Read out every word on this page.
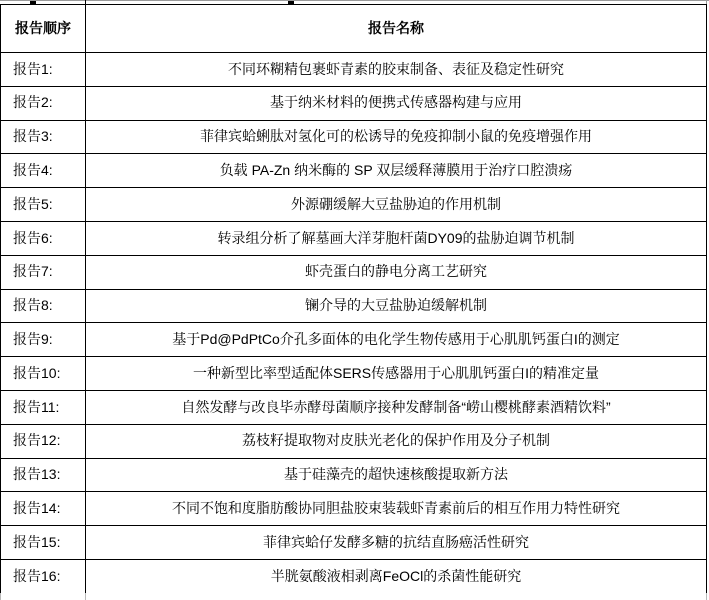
报告顺序	报告名称
报告1:	不同环糊精包裹虾青素的胶束制备、表征及稳定性研究
报告2:	基于纳米材料的便携式传感器构建与应用
报告3:	菲律宾蛤蜊肽对氢化可的松诱导的免疫抑制小鼠的免疫增强作用
报告4:	负载 PA-Zn 纳米酶的 SP 双层缓释薄膜用于治疗口腔溃疡
报告5:	外源硼缓解大豆盐胁迫的作用机制
报告6:	转录组分析了解墓画大洋芽胞杆菌DY09的盐胁迫调节机制
报告7:	虾壳蛋白的静电分离工艺研究
报告8:	镧介导的大豆盐胁迫缓解机制
报告9:	基于Pd@PdPtCo介孔多面体的电化学生物传感用于心肌肌钙蛋白I的测定
报告10:	一种新型比率型适配体SERS传感器用于心肌肌钙蛋白I的精准定量
报告11:	自然发酵与改良毕赤酵母菌顺序接种发酵制备“崂山樱桃酵素酒精饮料”
报告12:	荔枝籽提取物对皮肤光老化的保护作用及分子机制
报告13:	基于硅藻壳的超快速核酸提取新方法
报告14:	不同不饱和度脂肪酸协同胆盐胶束装载虾青素前后的相互作用力特性研究
报告15:	菲律宾蛤仔发酵多糖的抗结直肠癌活性研究
报告16:	半胱氨酸液相剥离FeOCl的杀菌性能研究
